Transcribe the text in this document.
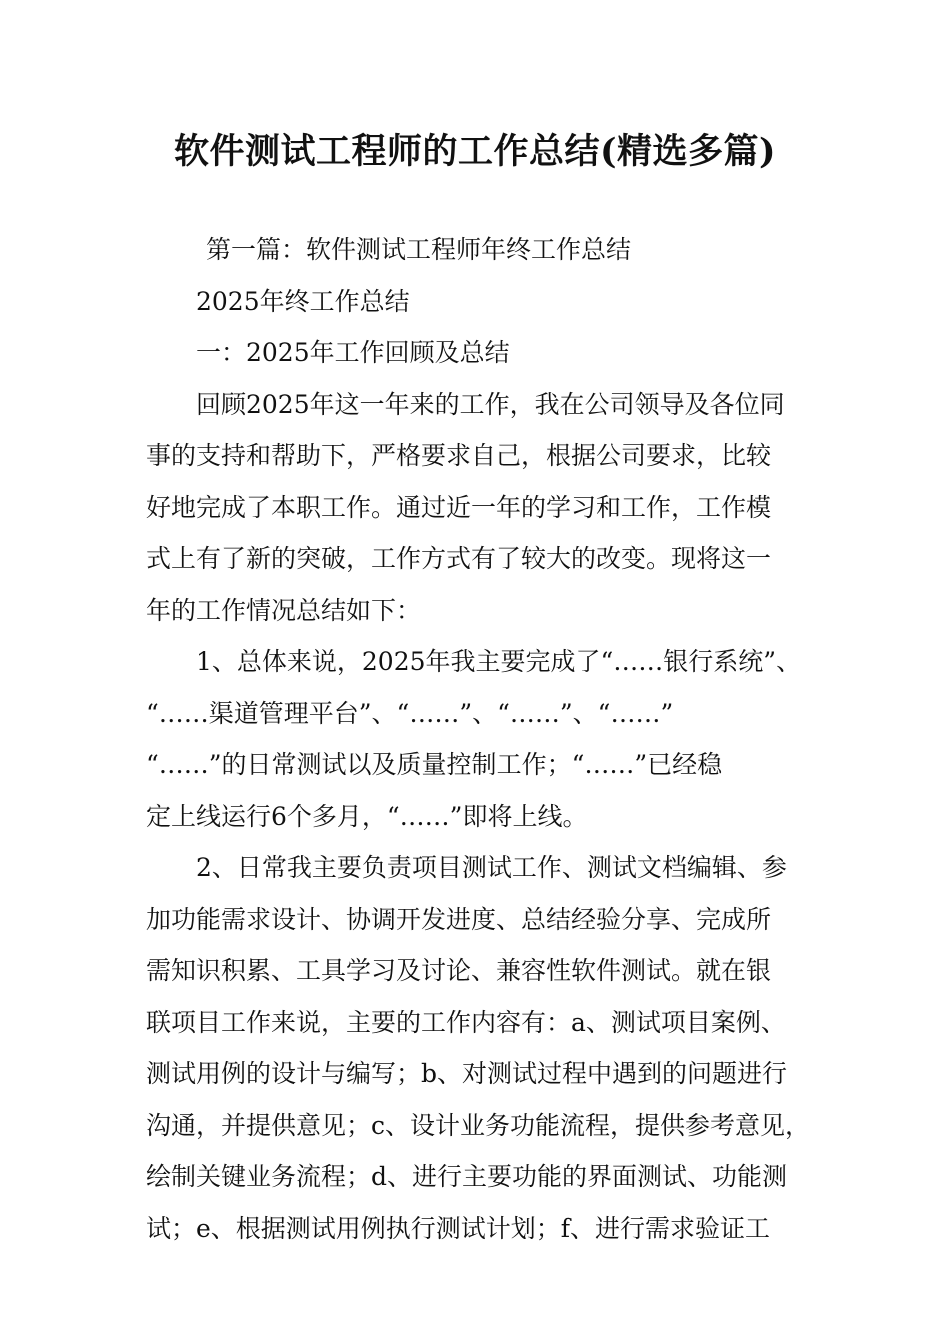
软件测试工程师的工作总结(精选多篇)
第一篇：软件测试工程师年终工作总结
2025年终工作总结
一：2025年工作回顾及总结
回顾2025年这一年来的工作，我在公司领导及各位同
事的支持和帮助下，严格要求自己，根据公司要求，比较
好地完成了本职工作。通过近一年的学习和工作，工作模
式上有了新的突破，工作方式有了较大的改变。现将这一
年的工作情况总结如下：
1、总体来说，2025年我主要完成了“……银行系统”、
“……渠道管理平台”、“……”、“……”、“……”
“……”的日常测试以及质量控制工作；“……”已经稳
定上线运行6个多月，“……”即将上线。
2、日常我主要负责项目测试工作、测试文档编辑、参
加功能需求设计、协调开发进度、总结经验分享、完成所
需知识积累、工具学习及讨论、兼容性软件测试。就在银
联项目工作来说，主要的工作内容有：a、测试项目案例、
测试用例的设计与编写；b、对测试过程中遇到的问题进行
沟通，并提供意见；c、设计业务功能流程，提供参考意见，
绘制关键业务流程；d、进行主要功能的界面测试、功能测
试；e、根据测试用例执行测试计划；f、进行需求验证工
